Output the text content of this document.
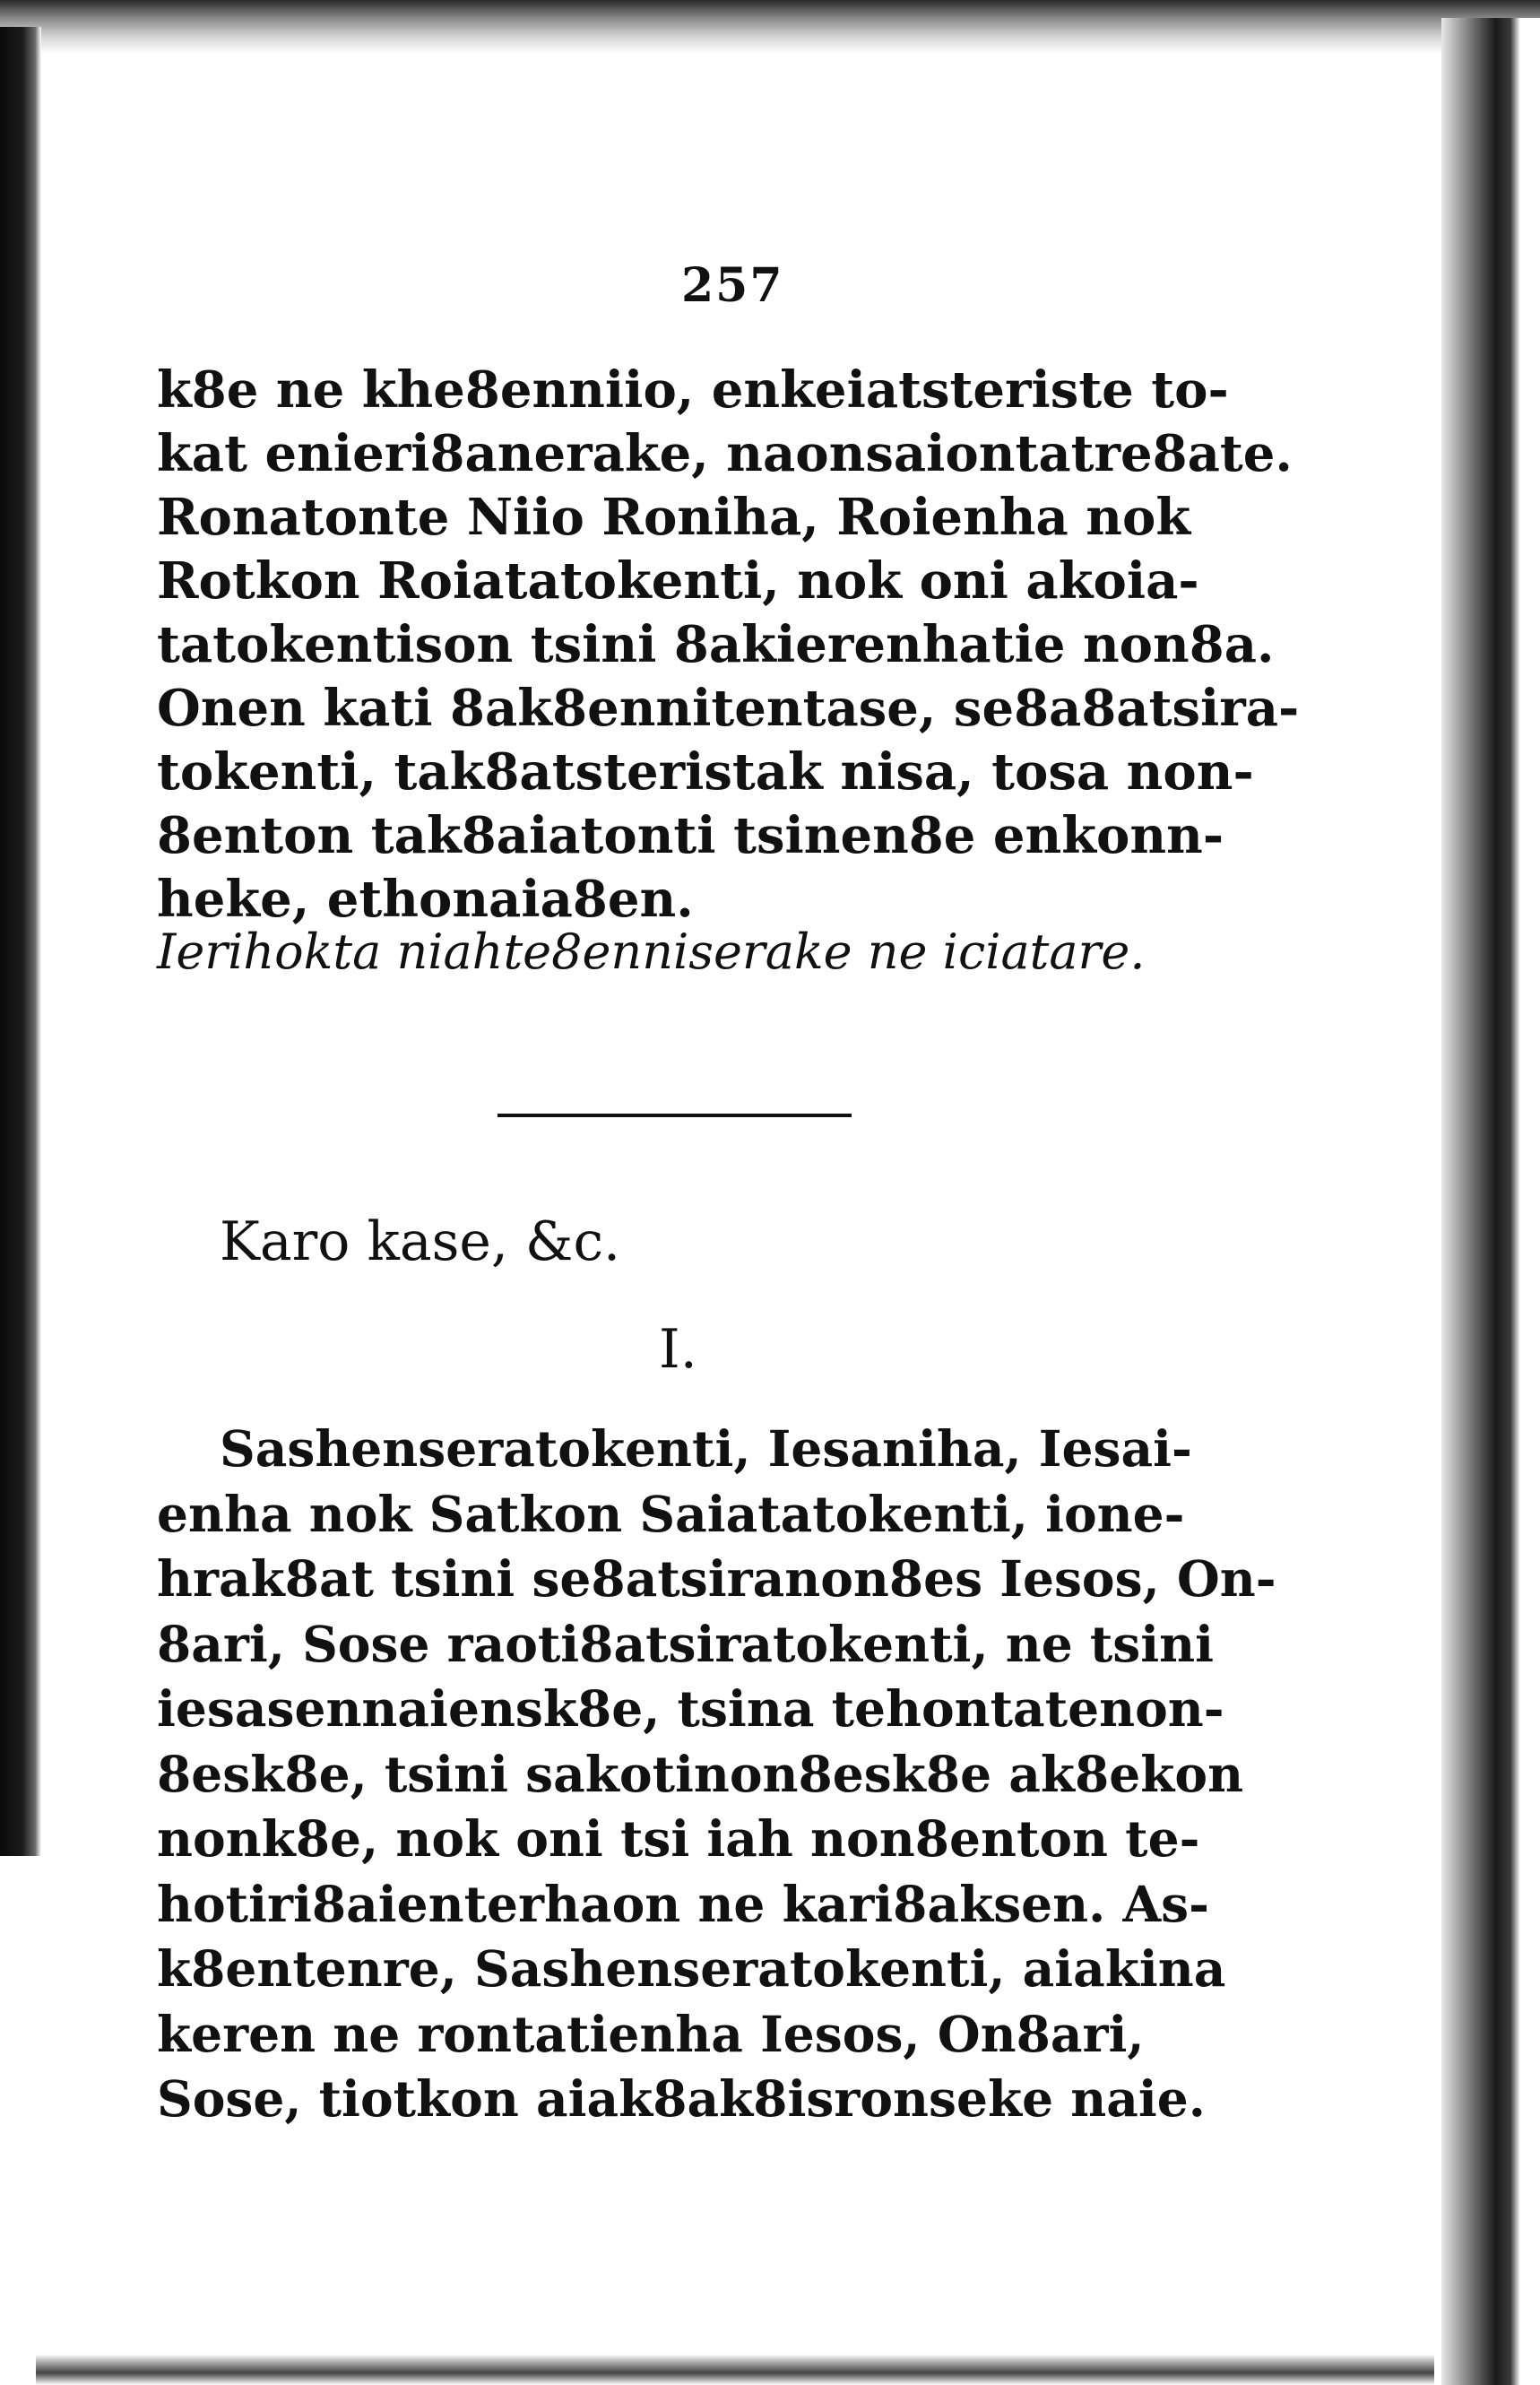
257
k8e ne khe8enniio, enkeiatsteriste to-
kat enieri8anerake, naonsaiontatre8ate.
Ronatonte Niio Roniha, Roienha nok
Rotkon Roiatatokenti, nok oni akoia-
tatokentison tsini 8akierenhatie non8a.
Onen kati 8ak8ennitentase, se8a8atsira-
tokenti, tak8atsteristak nisa, tosa non-
8enton tak8aiatonti tsinen8e enkonn-
heke, ethonaia8en.
Ierihokta niahte8enniserake ne iciatare.
Karo kase, &c.
I.
Sashenseratokenti, Iesaniha, Iesai-
enha nok Satkon Saiatatokenti, ione-
hrak8at tsini se8atsiranon8es Iesos, On-
8ari, Sose raoti8atsiratokenti, ne tsini
iesasennaiensk8e, tsina tehontatenon-
8esk8e, tsini sakotinon8esk8e ak8ekon
nonk8e, nok oni tsi iah non8enton te-
hotiri8aienterhaon ne kari8aksen. As-
k8entenre, Sashenseratokenti, aiakina
keren ne rontatienha Iesos, On8ari,
Sose, tiotkon aiak8ak8isronseke naie.
